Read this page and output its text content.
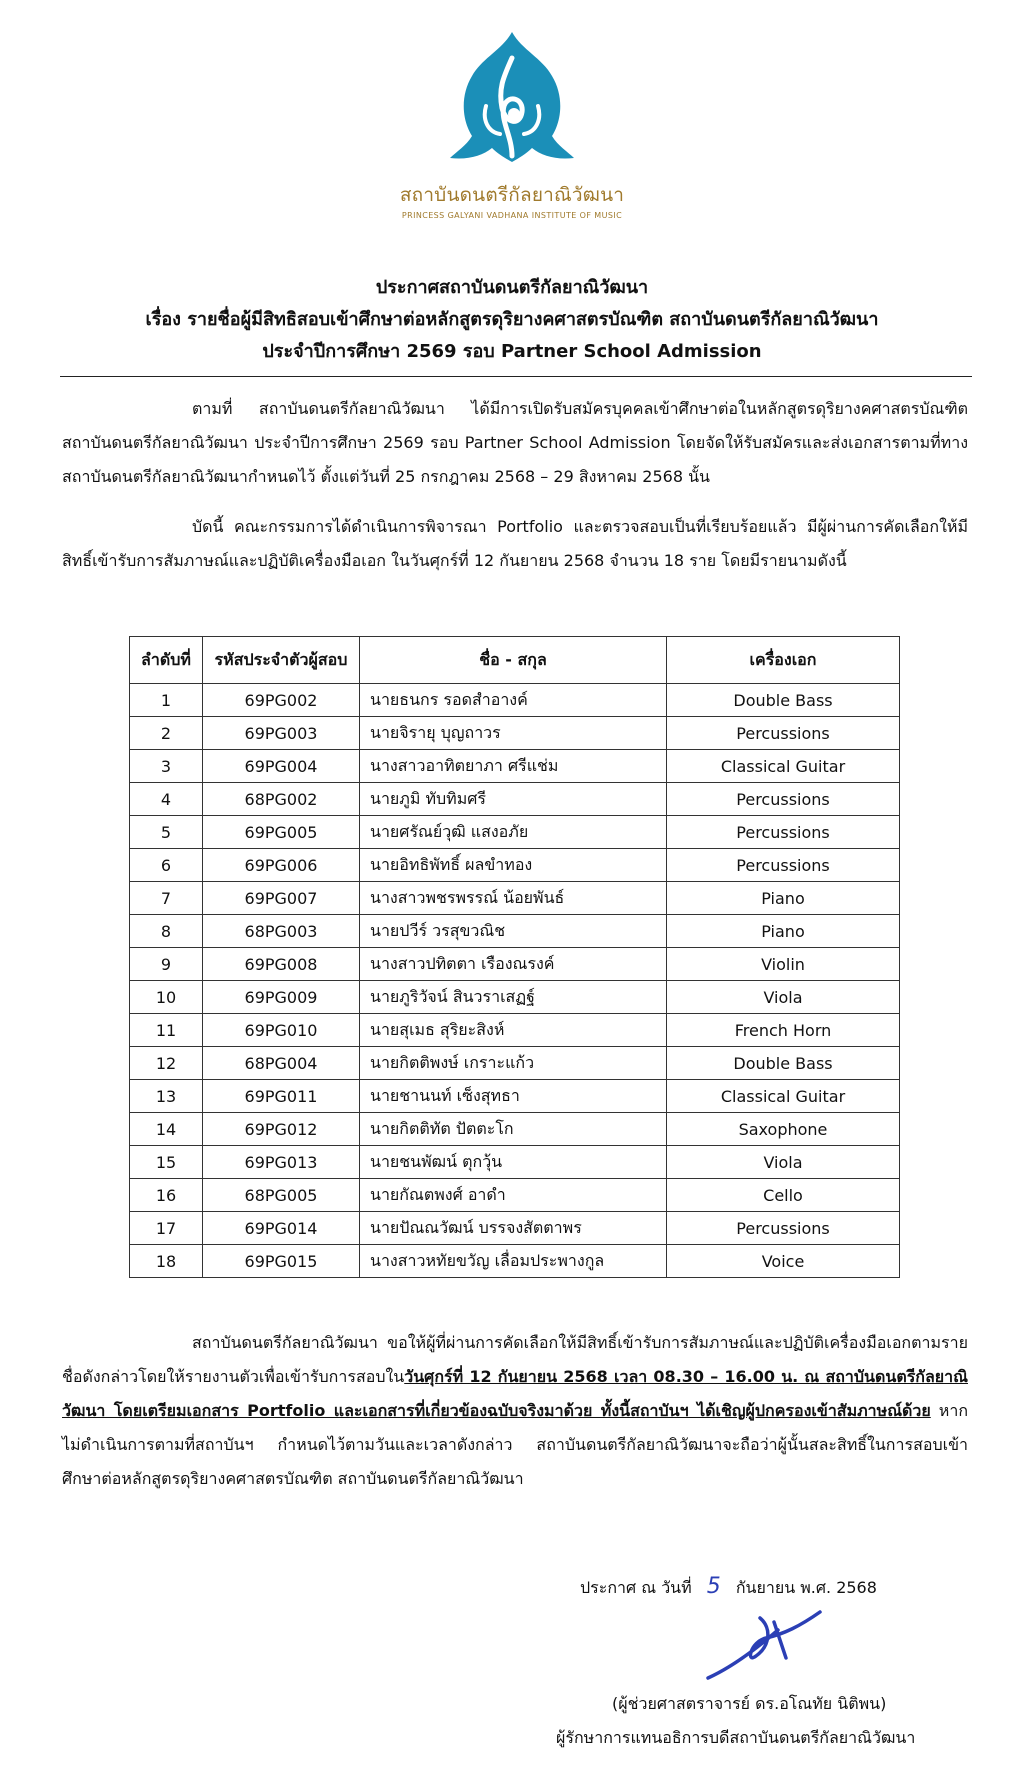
สถาบันดนตรีกัลยาณิวัฒนา
PRINCESS GALYANI VADHANA INSTITUTE OF MUSIC
ประกาศสถาบันดนตรีกัลยาณิวัฒนา
เรื่อง รายชื่อผู้มีสิทธิสอบเข้าศึกษาต่อหลักสูตรดุริยางคศาสตรบัณฑิต สถาบันดนตรีกัลยาณิวัฒนา
ประจำปีการศึกษา 2569 รอบ Partner School Admission
ตามที่ สถาบันดนตรีกัลยาณิวัฒนา ได้มีการเปิดรับสมัครบุคคลเข้าศึกษาต่อในหลักสูตรดุริยางคศาสตรบัณฑิต สถาบันดนตรีกัลยาณิวัฒนา ประจำปีการศึกษา 2569 รอบ Partner School Admission โดยจัดให้รับสมัครและส่งเอกสารตามที่ทางสถาบันดนตรีกัลยาณิวัฒนากำหนดไว้ ตั้งแต่วันที่ 25 กรกฎาคม 2568 – 29 สิงหาคม 2568 นั้น
บัดนี้ คณะกรรมการได้ดำเนินการพิจารณา Portfolio และตรวจสอบเป็นที่เรียบร้อยแล้ว มีผู้ผ่านการคัดเลือกให้มีสิทธิ์เข้ารับการสัมภาษณ์และปฏิบัติเครื่องมือเอก ในวันศุกร์ที่ 12 กันยายน 2568 จำนวน 18 ราย โดยมีรายนามดังนี้
ลำดับที่	รหัสประจำตัวผู้สอบ	ชื่อ - สกุล	เครื่องเอก
1	69PG002	นายธนกร รอดสำอางค์	Double Bass
2	69PG003	นายจิรายุ บุญถาวร	Percussions
3	69PG004	นางสาวอาทิตยาภา ศรีแช่ม	Classical Guitar
4	68PG002	นายภูมิ ทับทิมศรี	Percussions
5	69PG005	นายศรัณย์วุฒิ แสงอภัย	Percussions
6	69PG006	นายอิทธิพัทธิ์ ผลขำทอง	Percussions
7	69PG007	นางสาวพชรพรรณ์ น้อยพันธ์	Piano
8	68PG003	นายปวีร์ วรสุขวณิช	Piano
9	69PG008	นางสาวปทิตตา เรืองณรงค์	Violin
10	69PG009	นายภูริวัจน์ สินวราเสฏฐ์	Viola
11	69PG010	นายสุเมธ สุริยะสิงห์	French Horn
12	68PG004	นายกิตติพงษ์ เกราะแก้ว	Double Bass
13	69PG011	นายชานนท์ เซ็งสุทธา	Classical Guitar
14	69PG012	นายกิตติทัต ปัตตะโก	Saxophone
15	69PG013	นายชนพัฒน์ ตุกวุ้น	Viola
16	68PG005	นายกัณตพงศ์ อาดำ	Cello
17	69PG014	นายปัณณวัฒน์ บรรจงสัตตาพร	Percussions
18	69PG015	นางสาวหทัยขวัญ เลื่อมประพางกูล	Voice
สถาบันดนตรีกัลยาณิวัฒนา ขอให้ผู้ที่ผ่านการคัดเลือกให้มีสิทธิ์เข้ารับการสัมภาษณ์และปฏิบัติเครื่องมือเอกตามรายชื่อดังกล่าวโดยให้รายงานตัวเพื่อเข้ารับการสอบในวันศุกร์ที่ 12 กันยายน 2568 เวลา 08.30 – 16.00 น. ณ สถาบันดนตรีกัลยาณิวัฒนา โดยเตรียมเอกสาร Portfolio และเอกสารที่เกี่ยวข้องฉบับจริงมาด้วย ทั้งนี้สถาบันฯ ได้เชิญผู้ปกครองเข้าสัมภาษณ์ด้วย หากไม่ดำเนินการตามที่สถาบันฯ กำหนดไว้ตามวันและเวลาดังกล่าว สถาบันดนตรีกัลยาณิวัฒนาจะถือว่าผู้นั้นสละสิทธิ์ในการสอบเข้าศึกษาต่อหลักสูตรดุริยางคศาสตรบัณฑิต สถาบันดนตรีกัลยาณิวัฒนา
ประกาศ ณ วันที่ 5 กันยายน พ.ศ. 2568
(ผู้ช่วยศาสตราจารย์ ดร.อโณทัย นิติพน)
ผู้รักษาการแทนอธิการบดีสถาบันดนตรีกัลยาณิวัฒนา
